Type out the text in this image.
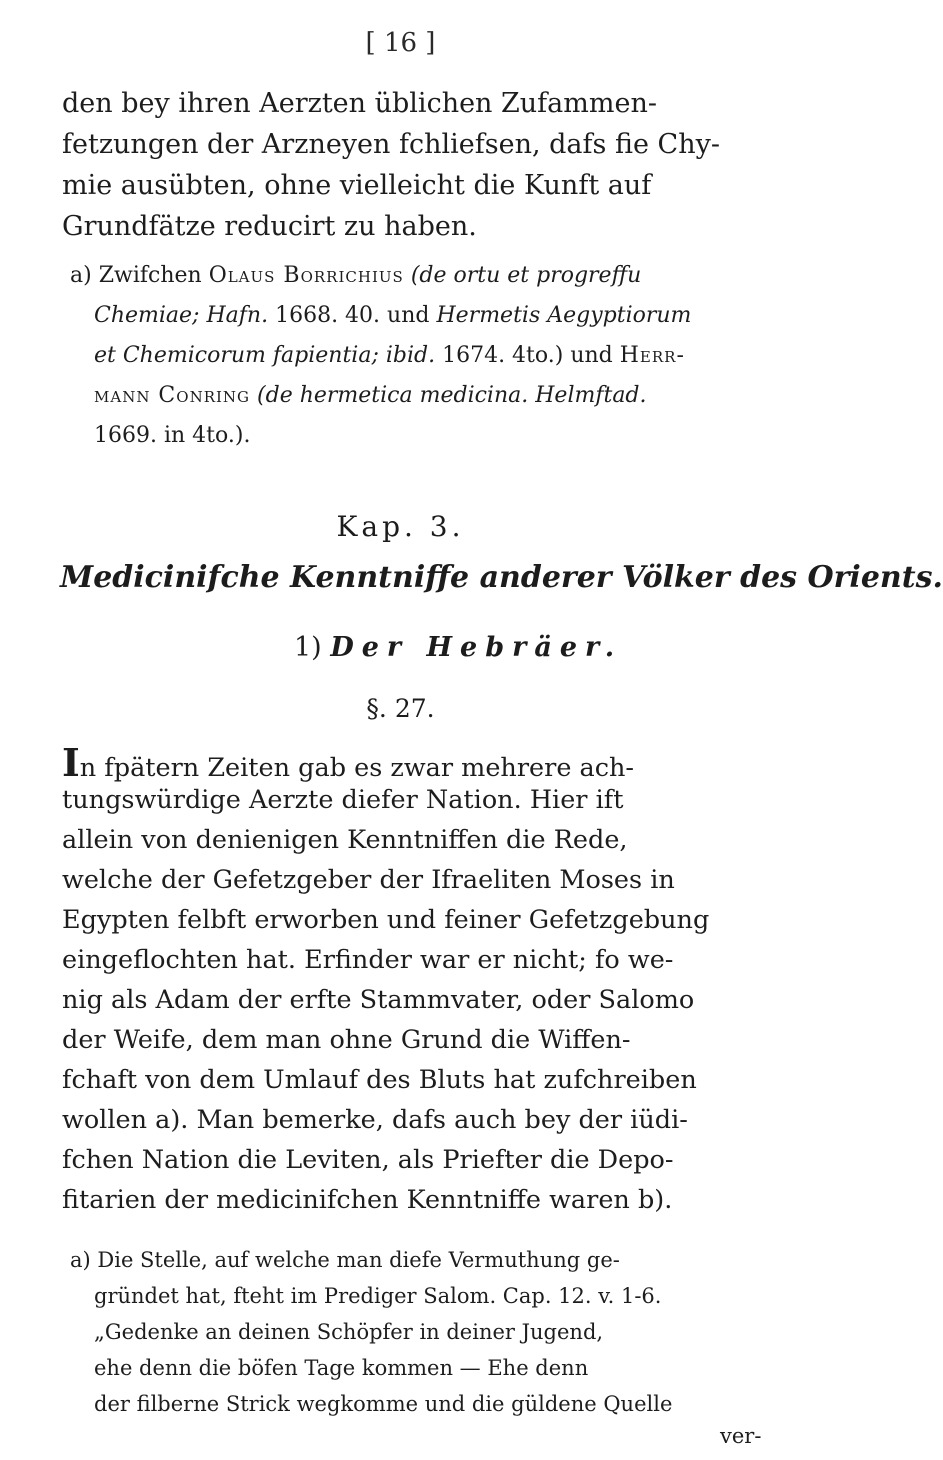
[ 16 ]
den bey ihren Aerzten üblichen Zufammen-
fetzungen der Arzneyen fchliefsen, dafs fie Chy-
mie ausübten, ohne vielleicht die Kunft auf
Grundfätze reducirt zu haben.
a) Zwifchen Olaus Borrichius (de ortu et progreffu
Chemiae; Hafn. 1668. 40. und Hermetis Aegyptiorum
et Chemicorum fapientia; ibid. 1674. 4to.) und Herr-
mann Conring (de hermetica medicina. Helmftad.
1669. in 4to.).
Kap. 3.
Medicinifche Kenntniffe anderer Völker des Orients.
1) Der Hebräer.
§. 27.
In fpätern Zeiten gab es zwar mehrere ach-
tungswürdige Aerzte diefer Nation. Hier ift
allein von denienigen Kenntniffen die Rede,
welche der Gefetzgeber der Ifraeliten Moses in
Egypten felbft erworben und feiner Gefetzgebung
eingeflochten hat. Erfinder war er nicht; fo we-
nig als Adam der erfte Stammvater, oder Salomo
der Weife, dem man ohne Grund die Wiffen-
fchaft von dem Umlauf des Bluts hat zufchreiben
wollen a). Man bemerke, dafs auch bey der iüdi-
fchen Nation die Leviten, als Priefter die Depo-
fitarien der medicinifchen Kenntniffe waren b).
a) Die Stelle, auf welche man diefe Vermuthung ge-
gründet hat, fteht im Prediger Salom. Cap. 12. v. 1-6.
„Gedenke an deinen Schöpfer in deiner Jugend,
ehe denn die böfen Tage kommen — Ehe denn
der filberne Strick wegkomme und die güldene Quelle
ver-
